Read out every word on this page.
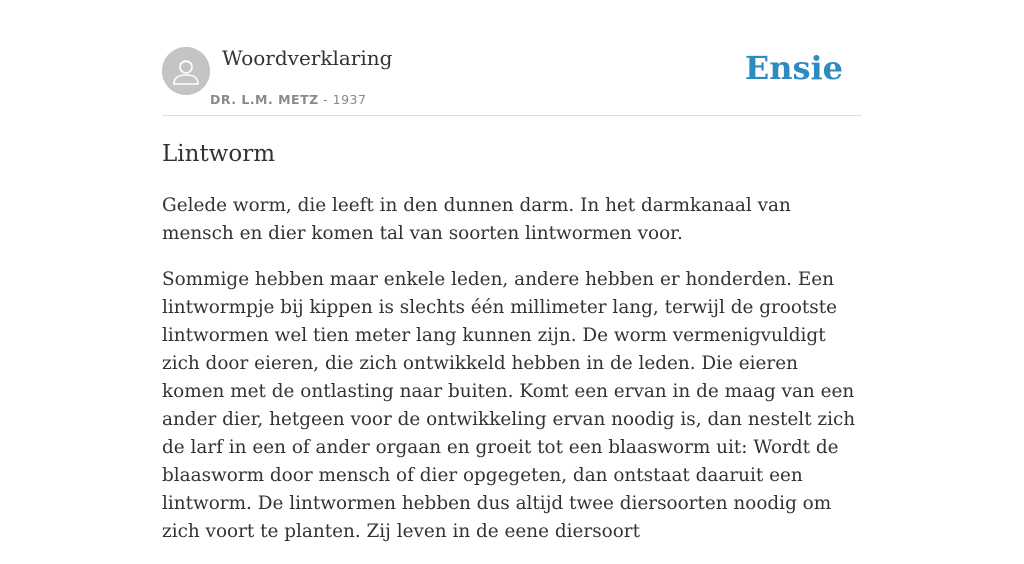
Woordverklaring
DR. L.M. METZ - 1937
Ensie
Lintworm

Gelede worm, die leeft in den dunnen darm. In het darmkanaal van mensch en dier komen tal van soorten lintwormen voor.

Sommige hebben maar enkele leden, andere hebben er honderden. Een lintwormpje bij kippen is slechts één millimeter lang, terwijl de grootste lintwormen wel tien meter lang kunnen zijn. De worm vermenigvuldigt zich door eieren, die zich ontwikkeld hebben in de leden. Die eieren komen met de ontlasting naar buiten. Komt een ervan in de maag van een ander dier, hetgeen voor de ontwikkeling ervan noodig is, dan nestelt zich de larf in een of ander orgaan en groeit tot een blaasworm uit: Wordt de blaasworm door mensch of dier opgegeten, dan ontstaat daaruit een lintworm. De lintwormen hebben dus altijd twee diersoorten noodig om zich voort te planten. Zij leven in de eene diersoort
